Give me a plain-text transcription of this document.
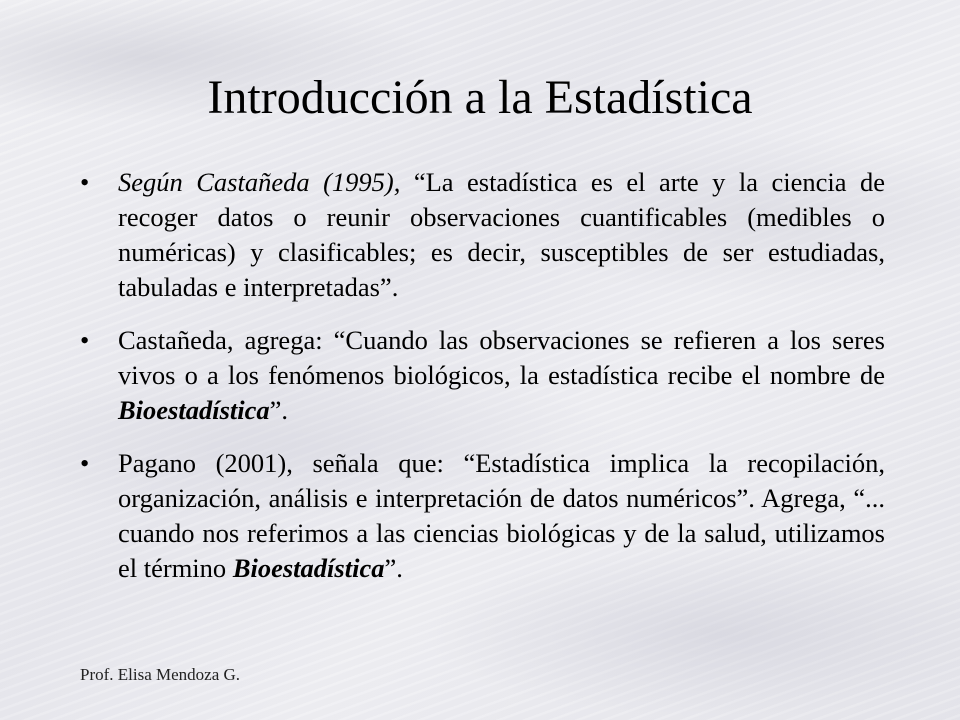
Introducción a la Estadística
• Según Castañeda (1995), “La estadística es el arte y la ciencia de recoger datos o reunir observaciones cuantificables (medibles o numéricas) y clasificables; es decir, susceptibles de ser estudiadas, tabuladas e interpretadas”.
• Castañeda, agrega: “Cuando las observaciones se refieren a los seres vivos o a los fenómenos biológicos, la estadística recibe el nombre de Bioestadística”.
• Pagano (2001), señala que: “Estadística implica la recopilación, organización, análisis e interpretación de datos numéricos”. Agrega, “... cuando nos referimos a las ciencias biológicas y de la salud, utilizamos el término Bioestadística”.
Prof. Elisa Mendoza G.
